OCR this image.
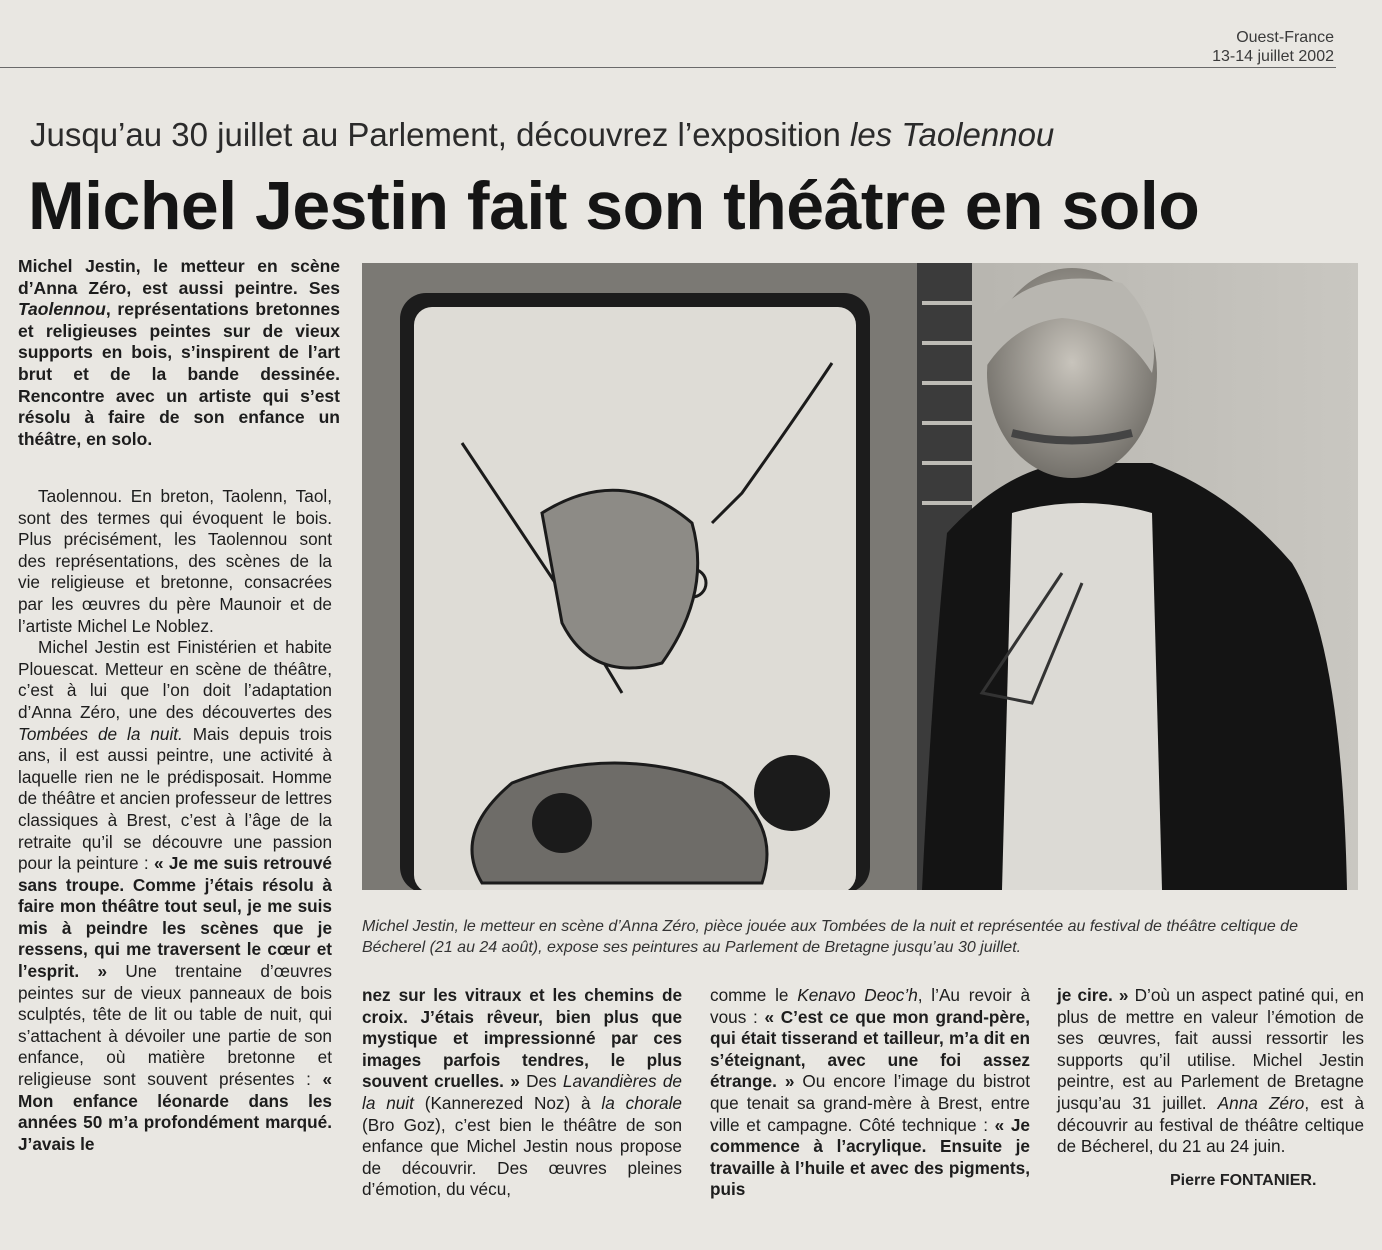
Ouest-France
13-14 juillet 2002
Jusqu’au 30 juillet au Parlement, découvrez l’exposition les Taolennou
Michel Jestin fait son théâtre en solo
Michel Jestin, le metteur en scène d’Anna Zéro, est aussi peintre. Ses Taolennou, représentations bretonnes et religieuses peintes sur de vieux supports en bois, s’inspirent de l’art brut et de la bande dessinée. Rencontre avec un artiste qui s’est résolu à faire de son enfance un théâtre, en solo.

Taolennou. En breton, Taolenn, Taol, sont des termes qui évoquent le bois. Plus précisément, les Taolennou sont des représentations, des scènes de la vie religieuse et bretonne, consacrées par les œuvres du père Maunoir et de l’artiste Michel Le Noblez.

Michel Jestin est Finistérien et habite Plouescat. Metteur en scène de théâtre, c’est à lui que l’on doit l’adaptation d’Anna Zéro, une des découvertes des Tombées de la nuit. Mais depuis trois ans, il est aussi peintre, une activité à laquelle rien ne le prédisposait. Homme de théâtre et ancien professeur de lettres classiques à Brest, c’est à l’âge de la retraite qu’il se découvre une passion pour la peinture : « Je me suis retrouvé sans troupe. Comme j’étais résolu à faire mon théâtre tout seul, je me suis mis à peindre les scènes que je ressens, qui me traversent le cœur et l’esprit. » Une trentaine d’œuvres peintes sur de vieux panneaux de bois sculptés, tête de lit ou table de nuit, qui s’attachent à dévoiler une partie de son enfance, où matière bretonne et religieuse sont souvent présentes : « Mon enfance léonarde dans les années 50 m’a profondément marqué. J’avais le

Michel Jestin, le metteur en scène d’Anna Zéro, pièce jouée aux Tombées de la nuit et représentée au festival de théâtre celtique de Bécherel (21 au 24 août), expose ses peintures au Parlement de Bretagne jusqu’au 30 juillet.

nez sur les vitraux et les chemins de croix. J’étais rêveur, bien plus que mystique et impressionné par ces images parfois tendres, le plus souvent cruelles. » Des Lavandières de la nuit (Kannerezed Noz) à la chorale (Bro Goz), c’est bien le théâtre de son enfance que Michel Jestin nous propose de découvrir. Des œuvres pleines d’émotion, du vécu,

comme le Kenavo Deoc’h, l’Au revoir à vous : « C’est ce que mon grand-père, qui était tisserand et tailleur, m’a dit en s’éteignant, avec une foi assez étrange. » Ou encore l’image du bistrot que tenait sa grand-mère à Brest, entre ville et campagne. Côté technique : « Je commence à l’acrylique. Ensuite je travaille à l’huile et avec des pigments, puis

je cire. » D’où un aspect patiné qui, en plus de mettre en valeur l’émotion de ses œuvres, fait aussi ressortir les supports qu’il utilise. Michel Jestin peintre, est au Parlement de Bretagne jusqu’au 31 juillet. Anna Zéro, est à découvrir au festival de théâtre celtique de Bécherel, du 21 au 24 juin.

Pierre FONTANIER.
